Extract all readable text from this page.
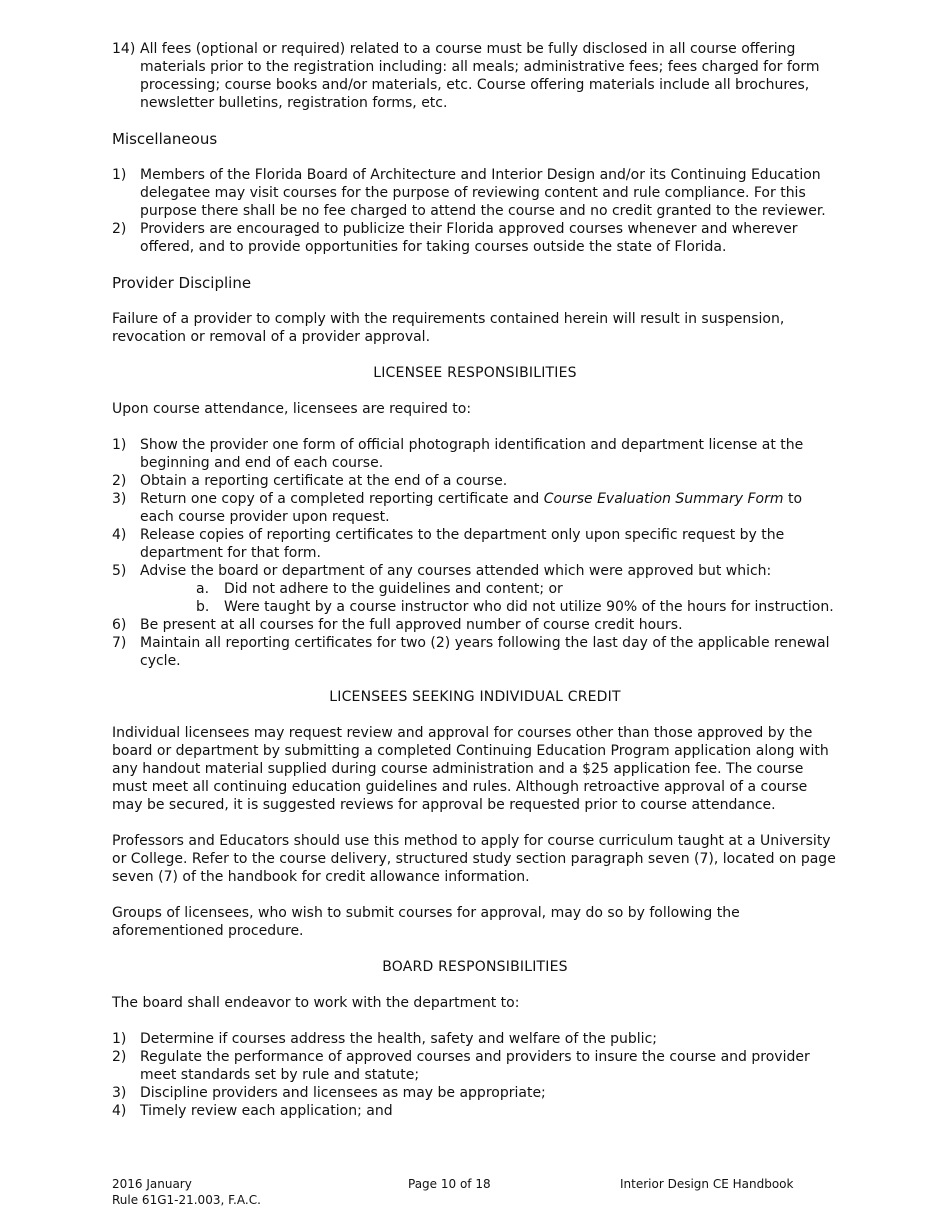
14) All fees (optional or required) related to a course must be fully disclosed in all course offering materials prior to the registration including: all meals; administrative fees; fees charged for form processing; course books and/or materials, etc. Course offering materials include all brochures, newsletter bulletins, registration forms, etc.
Miscellaneous
1) Members of the Florida Board of Architecture and Interior Design and/or its Continuing Education delegatee may visit courses for the purpose of reviewing content and rule compliance. For this purpose there shall be no fee charged to attend the course and no credit granted to the reviewer.
2) Providers are encouraged to publicize their Florida approved courses whenever and wherever offered, and to provide opportunities for taking courses outside the state of Florida.
Provider Discipline
Failure of a provider to comply with the requirements contained herein will result in suspension, revocation or removal of a provider approval.
LICENSEE RESPONSIBILITIES
Upon course attendance, licensees are required to:
1) Show the provider one form of official photograph identification and department license at the beginning and end of each course.
2) Obtain a reporting certificate at the end of a course.
3) Return one copy of a completed reporting certificate and Course Evaluation Summary Form to each course provider upon request.
4) Release copies of reporting certificates to the department only upon specific request by the department for that form.
5) Advise the board or department of any courses attended which were approved but which:
a.	Did not adhere to the guidelines and content; or
b.	Were taught by a course instructor who did not utilize 90% of the hours for instruction.
6) Be present at all courses for the full approved number of course credit hours.
7) Maintain all reporting certificates for two (2) years following the last day of the applicable renewal cycle.
LICENSEES SEEKING INDIVIDUAL CREDIT
Individual licensees may request review and approval for courses other than those approved by the board or department by submitting a completed Continuing Education Program application along with any handout material supplied during course administration and a $25 application fee. The course must meet all continuing education guidelines and rules. Although retroactive approval of a course may be secured, it is suggested reviews for approval be requested prior to course attendance.
Professors and Educators should use this method to apply for course curriculum taught at a University or College. Refer to the course delivery, structured study section paragraph seven (7), located on page seven (7) of the handbook for credit allowance information.
Groups of licensees, who wish to submit courses for approval, may do so by following the aforementioned procedure.
BOARD RESPONSIBILITIES
The board shall endeavor to work with the department to:
1) Determine if courses address the health, safety and welfare of the public;
2) Regulate the performance of approved courses and providers to insure the course and provider meet standards set by rule and statute;
3) Discipline providers and licensees as may be appropriate;
4) Timely review each application; and
2016 January
Rule 61G1-21.003, F.A.C.
Page 10 of 18	Interior Design CE Handbook
